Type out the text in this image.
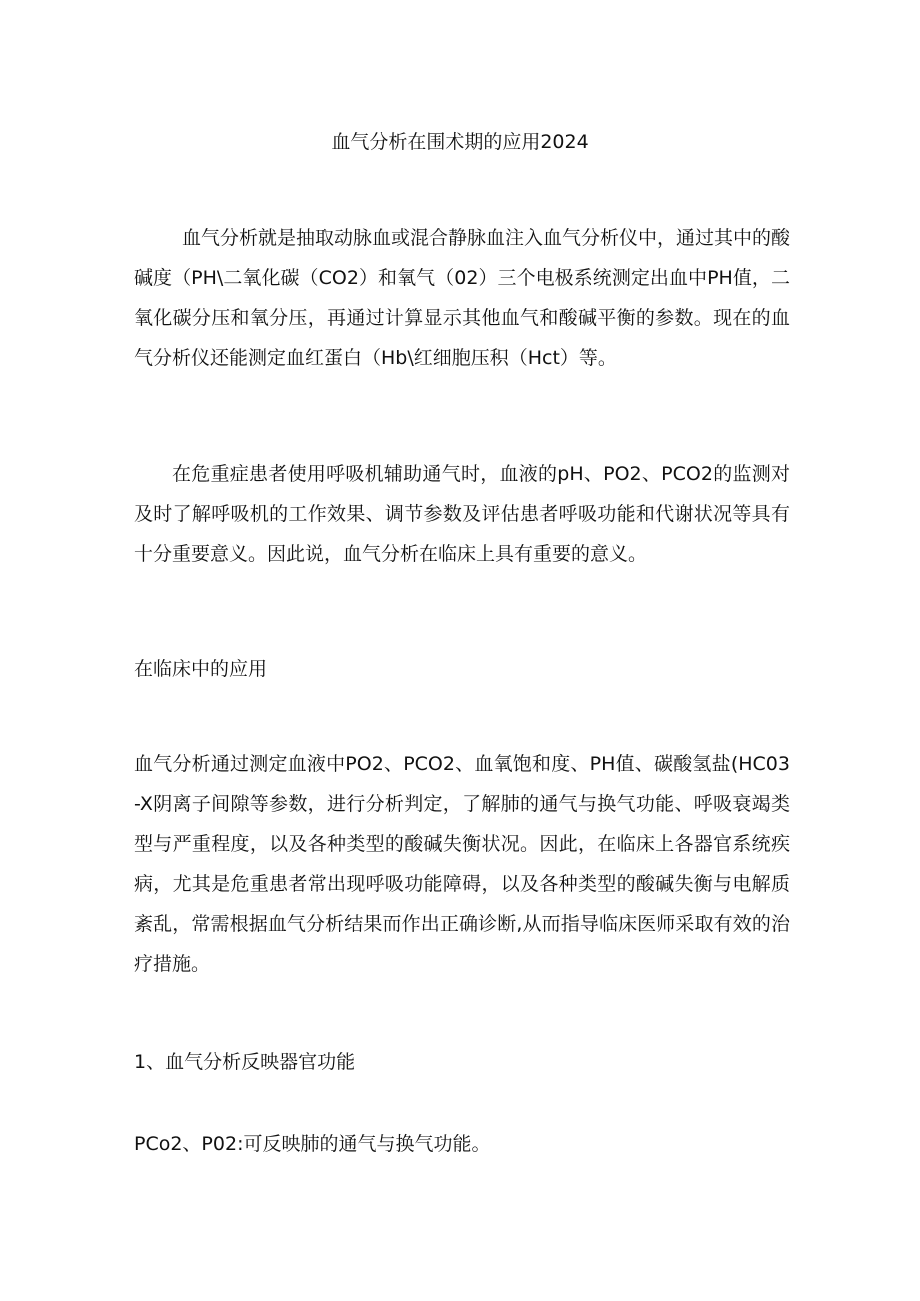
血气分析在围术期的应用2024

血气分析就是抽取动脉血或混合静脉血注入血气分析仪中，通过其中的酸碱度（PH\二氧化碳（CO2）和氧气（02）三个电极系统测定出血中PH值，二氧化碳分压和氧分压，再通过计算显示其他血气和酸碱平衡的参数。现在的血气分析仪还能测定血红蛋白（Hb\红细胞压积（Hct）等。

在危重症患者使用呼吸机辅助通气时，血液的pH、PO2、PCO2的监测对及时了解呼吸机的工作效果、调节参数及评估患者呼吸功能和代谢状况等具有十分重要意义。因此说，血气分析在临床上具有重要的意义。

在临床中的应用

血气分析通过测定血液中PO2、PCO2、血氧饱和度、PH值、碳酸氢盐(HC03-X阴离子间隙等参数，进行分析判定，了解肺的通气与换气功能、呼吸衰竭类型与严重程度，以及各种类型的酸碱失衡状况。因此，在临床上各器官系统疾病，尤其是危重患者常出现呼吸功能障碍，以及各种类型的酸碱失衡与电解质紊乱，常需根据血气分析结果而作出正确诊断,从而指导临床医师采取有效的治疗措施。

1、血气分析反映器官功能

PCo2、P02:可反映肺的通气与换气功能。
